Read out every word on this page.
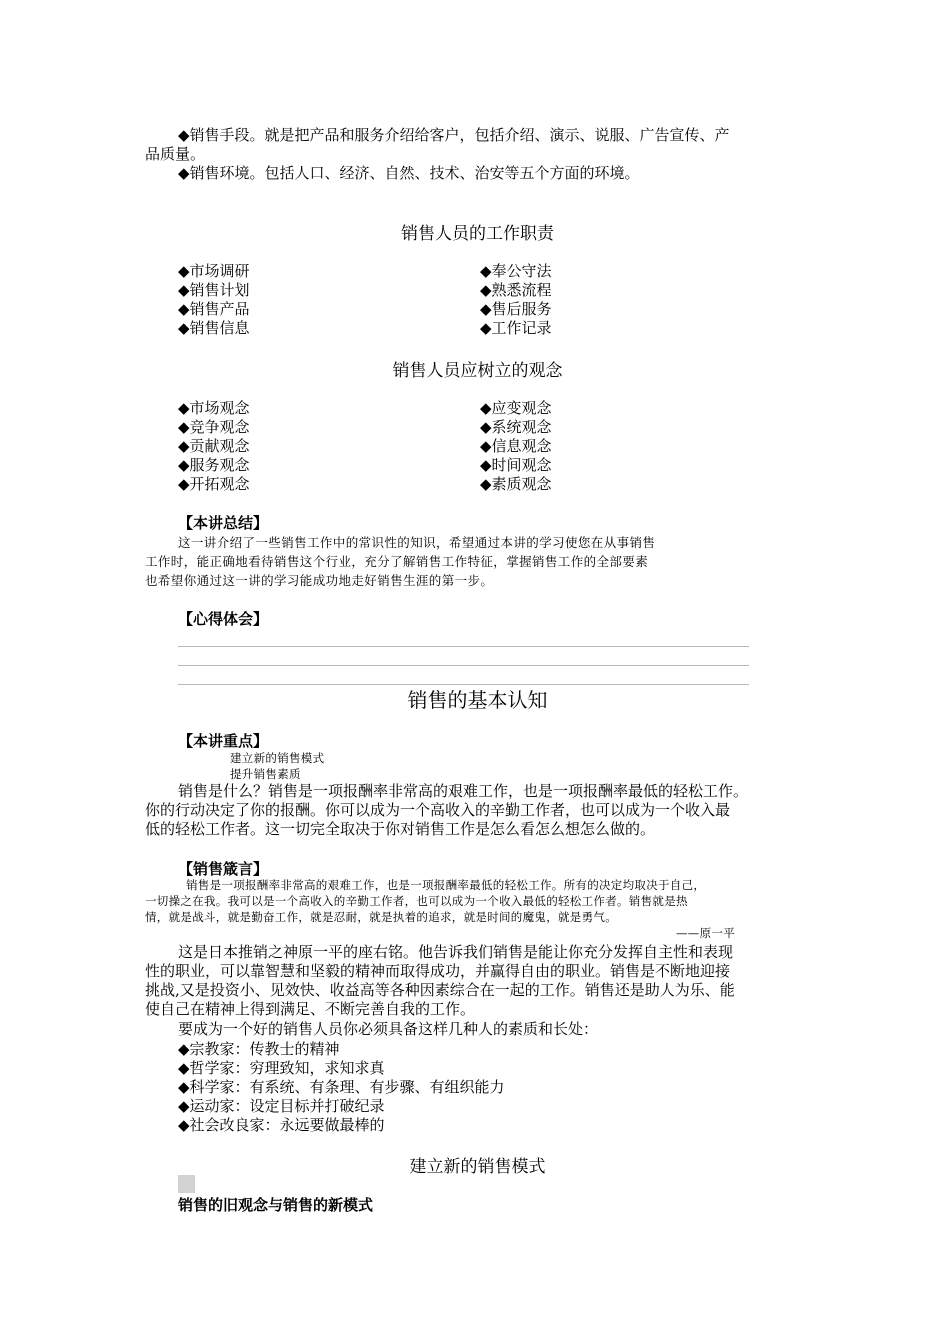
◆销售手段。就是把产品和服务介绍给客户，包括介绍、演示、说服、广告宣传、产
品质量。
◆销售环境。包括人口、经济、自然、技术、治安等五个方面的环境。
销售人员的工作职责
◆市场调研
◆销售计划
◆销售产品
◆销售信息
◆奉公守法
◆熟悉流程
◆售后服务
◆工作记录
销售人员应树立的观念
◆市场观念
◆竞争观念
◆贡献观念
◆服务观念
◆开拓观念
◆应变观念
◆系统观念
◆信息观念
◆时间观念
◆素质观念
【本讲总结】
这一讲介绍了一些销售工作中的常识性的知识，希望通过本讲的学习使您在从事销售
工作时，能正确地看待销售这个行业，充分了解销售工作特征，掌握销售工作的全部要素
也希望你通过这一讲的学习能成功地走好销售生涯的第一步。
【心得体会】
销售的基本认知
【本讲重点】
建立新的销售模式
提升销售素质
销售是什么？销售是一项报酬率非常高的艰难工作，也是一项报酬率最低的轻松工作。
你的行动决定了你的报酬。你可以成为一个高收入的辛勤工作者，也可以成为一个收入最
低的轻松工作者。这一切完全取决于你对销售工作是怎么看怎么想怎么做的。
【销售箴言】
销售是一项报酬率非常高的艰难工作，也是一项报酬率最低的轻松工作。所有的决定均取决于自己，
一切操之在我。我可以是一个高收入的辛勤工作者，也可以成为一个收入最低的轻松工作者。销售就是热
情，就是战斗，就是勤奋工作，就是忍耐，就是执着的追求，就是时间的魔鬼，就是勇气。
——原一平
这是日本推销之神原一平的座右铭。他告诉我们销售是能让你充分发挥自主性和表现
性的职业，可以靠智慧和坚毅的精神而取得成功，并赢得自由的职业。销售是不断地迎接
挑战,又是投资小、见效快、收益高等各种因素综合在一起的工作。销售还是助人为乐、能
使自己在精神上得到满足、不断完善自我的工作。
要成为一个好的销售人员你必须具备这样几种人的素质和长处：
◆宗教家：传教士的精神
◆哲学家：穷理致知，求知求真
◆科学家：有系统、有条理、有步骤、有组织能力
◆运动家：设定目标并打破纪录
◆社会改良家：永远要做最棒的
建立新的销售模式
销售的旧观念与销售的新模式
